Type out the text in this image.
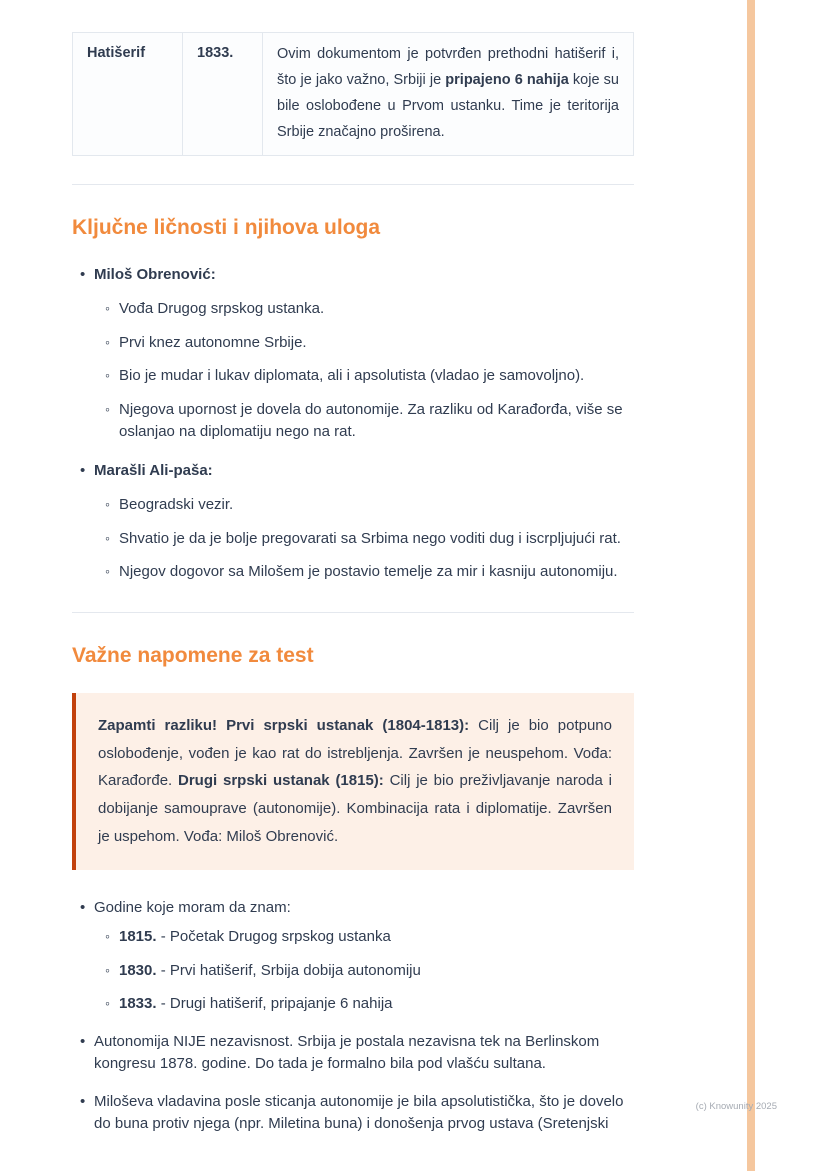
Hatišerif	1833.	Ovim dokumentom je potvrđen prethodni hatišerif i, što je jako važno, Srbiji je pripajeno 6 nahija koje su bile oslobođene u Prvom ustanku. Time je teritorija Srbije značajno proširena.
Ključne ličnosti i njihova uloga
•
Miloš Obrenović:
◦
Vođa Drugog srpskog ustanka.
◦
Prvi knez autonomne Srbije.
◦
Bio je mudar i lukav diplomata, ali i apsolutista (vladao je samovoljno).
◦
Njegova upornost je dovela do autonomije. Za razliku od Karađorđa, više se oslanjao na diplomatiju nego na rat.
•
Marašli Ali-paša:
◦
Beogradski vezir.
◦
Shvatio je da je bolje pregovarati sa Srbima nego voditi dug i iscrpljujući rat.
◦
Njegov dogovor sa Milošem je postavio temelje za mir i kasniju autonomiju.
Važne napomene za test
Zapamti razliku! Prvi srpski ustanak (1804-1813): Cilj je bio potpuno oslobođenje, vođen je kao rat do istrebljenja. Završen je neuspehom. Vođa: Karađorđe. Drugi srpski ustanak (1815): Cilj je bio preživljavanje naroda i dobijanje samouprave (autonomije). Kombinacija rata i diplomatije. Završen je uspehom. Vođa: Miloš Obrenović.
•
Godine koje moram da znam:
◦
1815. - Početak Drugog srpskog ustanka
◦
1830. - Prvi hatišerif, Srbija dobija autonomiju
◦
1833. - Drugi hatišerif, pripajanje 6 nahija
•
Autonomija NIJE nezavisnost. Srbija je postala nezavisna tek na Berlinskom kongresu 1878. godine. Do tada je formalno bila pod vlašću sultana.
•
Miloševa vladavina posle sticanja autonomije je bila apsolutistička, što je dovelo do buna protiv njega (npr. Miletina buna) i donošenja prvog ustava (Sretenjski
(c) Knowunity 2025
